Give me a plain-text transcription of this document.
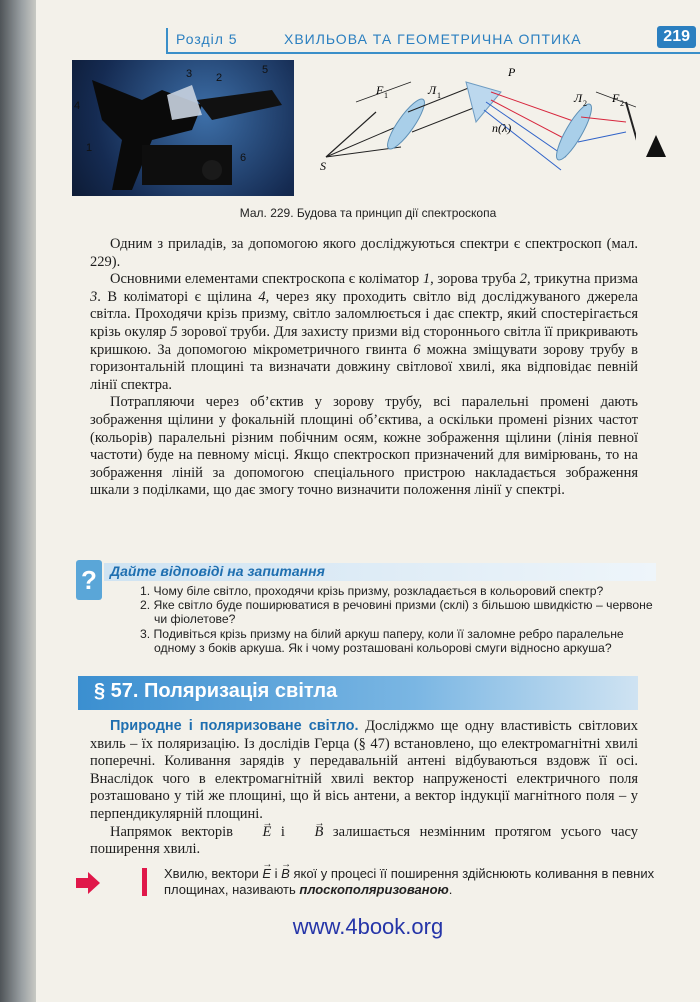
Розділ 5	ХВИЛЬОВА ТА ГЕОМЕТРИЧНА ОПТИКА	219
4
1
3 2
5
6
F 1	Л 1
P
n(λ)
Л 2 F 2
S
Мал. 229. Будова та принцип дії спектроскопа

Одним з приладів, за допомогою якого досліджуються спектри є спектроскоп (мал. 229).

Основними елементами спектроскопа є коліматор 1, зорова труба 2, трикутна призма 3. В коліматорі є щілина 4, через яку проходить світло від досліджуваного джерела світла. Проходячи крізь призму, світло заломлюється і дає спектр, який спостерігається крізь окуляр 5 зорової труби. Для захисту призми від стороннього світла її прикривають кришкою. За допомогою мікрометричного гвинта 6 можна зміщувати зорову трубу в горизонтальній площині та визначати довжину світлової хвилі, яка відповідає певній лінії спектра.

Потрапляючи через об’єктив у зорову трубу, всі паралельні промені дають зображення щілини у фокальній площині об’єктива, а оскільки промені різних частот (кольорів) паралельні різним побічним осям, кожне зображення щілини (лінія певної частоти) буде на певному місці. Якщо спектроскоп призначений для вимірювань, то на зображення ліній за допомогою спеціального пристрою накладається зображення шкали з поділками, що дає змогу точно визначити положення лінії у спектрі.

? Дайте відповіді на запитання
1. Чому біле світло, проходячи крізь призму, розкладається в кольоровий спектр?
2. Яке світло буде поширюватися в речовині призми (склі) з більшою швидкістю – червоне чи фіолетове?
3. Подивіться крізь призму на білий аркуш паперу, коли її заломне ребро паралельне одному з боків аркуша. Як і чому розташовані кольорові смуги відносно аркуша?
§ 57. Поляризація світла

Природне і поляризоване світло. Досліджмо ще одну властивість світлових хвиль – їх поляризацію. Із дослідів Герца (§ 47) встановлено, що електромагнітні хвилі поперечні. Коливання зарядів у передавальній антені відбуваються вздовж її осі. Внаслідок чого в електромагнітній хвилі вектор напруженості електричного поля розташовано у тій же площині, що й вісь антени, а вектор індукції магнітного поля – у перпендикулярній площині.

Напрямок векторів → E і → B залишається незмінним протягом усього часу поширення хвилі.

Хвилю, вектори → E і → B якої у процесі її поширення здійснюють коливання в певних площинах, називають плоскополяризованою.
www.4book.org
